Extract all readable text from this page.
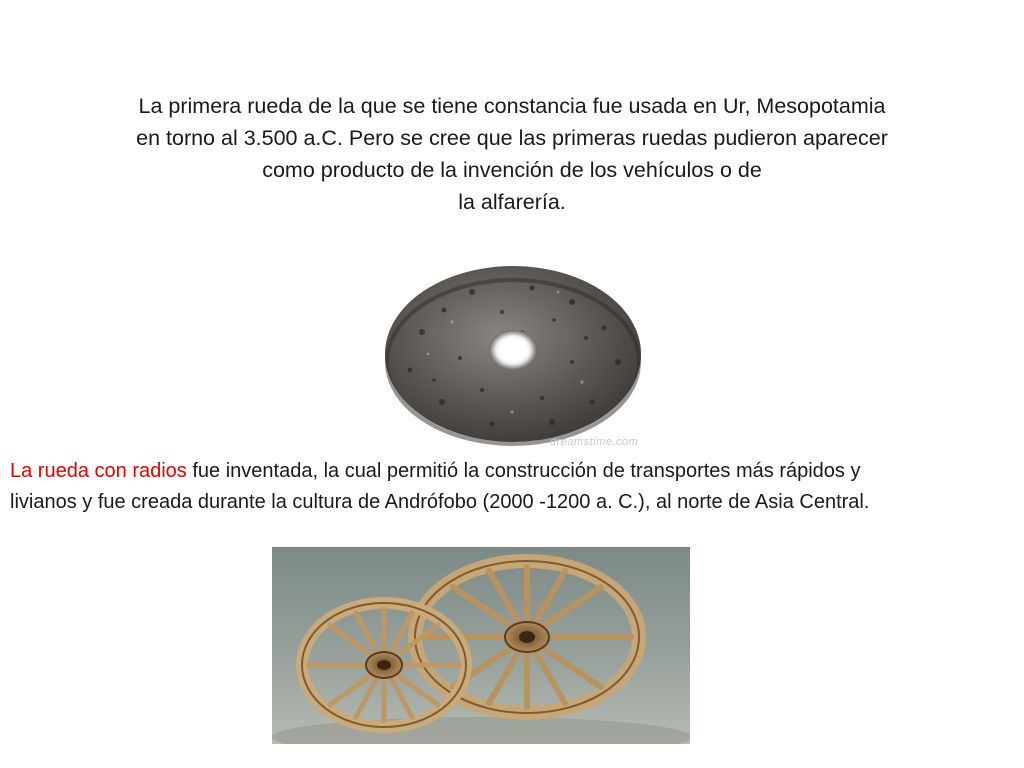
La primera rueda de la que se tiene constancia fue usada en Ur, Mesopotamia
en torno al 3.500 a.C. Pero se cree que las primeras ruedas pudieron aparecer
como producto de la invención de los vehículos o de
la alfarería.
dreamstime.com

La rueda con radios fue inventada, la cual permitió la construcción de transportes más rápidos y
livianos y fue creada durante la cultura de Andrófobo (2000 -1200 a. C.), al norte de Asia Central.
